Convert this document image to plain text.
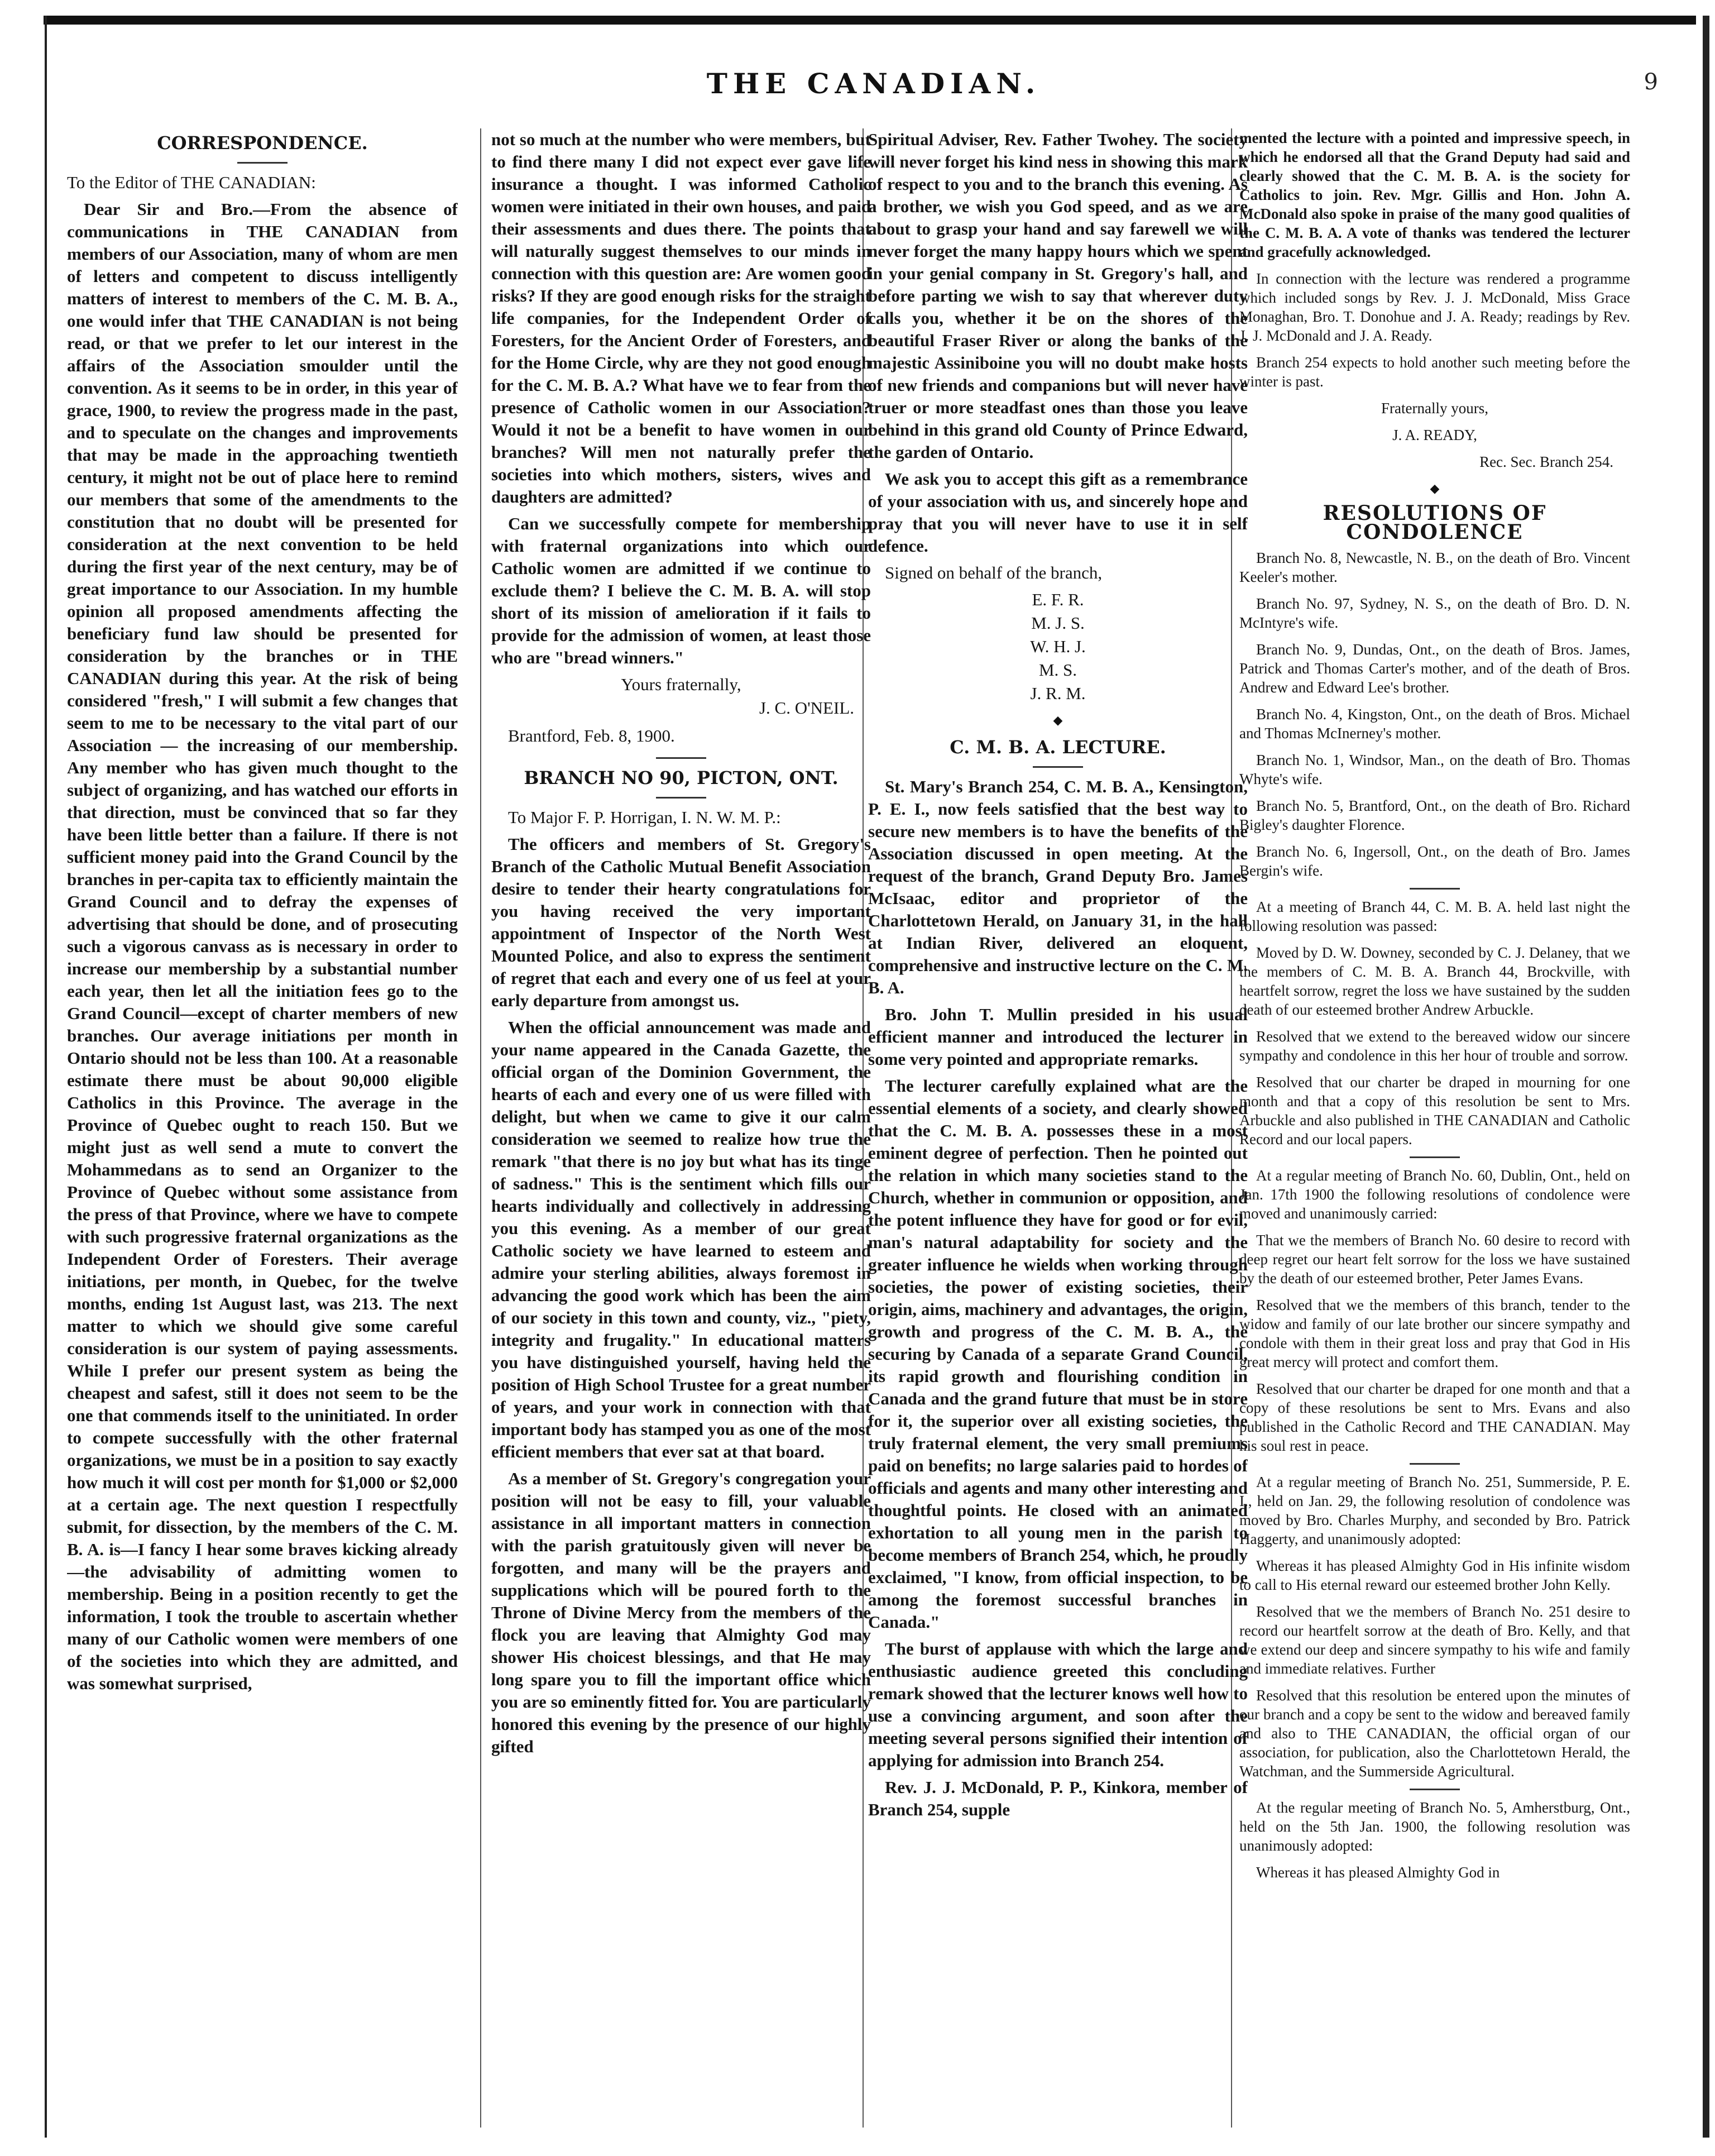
THE CANADIAN.	9
CORRESPONDENCE.

To the Editor of THE CANADIAN:

Dear Sir and Bro.—From the absence of communications in THE CANADIAN from members of our Association, many of whom are men of letters and competent to discuss intelligently matters of interest to members of the C. M. B. A., one would infer that THE CANADIAN is not being read, or that we prefer to let our interest in the affairs of the Association smoulder until the convention. As it seems to be in order, in this year of grace, 1900, to review the progress made in the past, and to speculate on the changes and improvements that may be made in the approaching twentieth century, it might not be out of place here to remind our members that some of the amendments to the constitution that no doubt will be presented for consideration at the next convention to be held during the first year of the next century, may be of great importance to our Association. In my humble opinion all proposed amendments affecting the beneficiary fund law should be presented for consideration by the branches or in THE CANADIAN during this year. At the risk of being considered "fresh," I will submit a few changes that seem to me to be necessary to the vital part of our Association — the increasing of our membership. Any member who has given much thought to the subject of organizing, and has watched our efforts in that direction, must be convinced that so far they have been little better than a failure. If there is not sufficient money paid into the Grand Council by the branches in per-capita tax to efficiently maintain the Grand Council and to defray the expenses of advertising that should be done, and of prosecuting such a vigorous canvass as is necessary in order to increase our membership by a substantial number each year, then let all the initiation fees go to the Grand Council—except of charter members of new branches. Our average initiations per month in Ontario should not be less than 100. At a reasonable estimate there must be about 90,000 eligible Catholics in this Province. The average in the Province of Quebec ought to reach 150. But we might just as well send a mute to convert the Mohammedans as to send an Organizer to the Province of Quebec without some assistance from the press of that Province, where we have to compete with such progressive fraternal organizations as the Independent Order of Foresters. Their average initiations, per month, in Quebec, for the twelve months, ending 1st August last, was 213. The next matter to which we should give some careful consideration is our system of paying assessments. While I prefer our present system as being the cheapest and safest, still it does not seem to be the one that commends itself to the uninitiated. In order to compete successfully with the other fraternal organizations, we must be in a position to say exactly how much it will cost per month for $1,000 or $2,000 at a certain age. The next question I respectfully submit, for dissection, by the members of the C. M. B. A. is—I fancy I hear some braves kicking already—the advisability of admitting women to membership. Being in a position recently to get the information, I took the trouble to ascertain whether many of our Catholic women were members of one of the societies into which they are admitted, and was somewhat surprised,

not so much at the number who were members, but to find there many I did not expect ever gave life insurance a thought. I was informed Catholic women were initiated in their own houses, and paid their assessments and dues there. The points that will naturally suggest themselves to our minds in connection with this question are: Are women good risks? If they are good enough risks for the straight life companies, for the Independent Order of Foresters, for the Ancient Order of Foresters, and for the Home Circle, why are they not good enough for the C. M. B. A.? What have we to fear from the presence of Catholic women in our Association? Would it not be a benefit to have women in our branches? Will men not naturally prefer the societies into which mothers, sisters, wives and daughters are admitted?

Can we successfully compete for membership with fraternal organizations into which our Catholic women are admitted if we continue to exclude them? I believe the C. M. B. A. will stop short of its mission of amelioration if it fails to provide for the admission of women, at least those who are "bread winners."

Yours fraternally,

J. C. O'NEIL.

Brantford, Feb. 8, 1900.

BRANCH NO 90, PICTON, ONT.

To Major F. P. Horrigan, I. N. W. M. P.:

The officers and members of St. Gregory's Branch of the Catholic Mutual Benefit Association desire to tender their hearty congratulations for you having received the very important appointment of Inspector of the North West Mounted Police, and also to express the sentiment of regret that each and every one of us feel at your early departure from amongst us.

When the official announcement was made and your name appeared in the Canada Gazette, the official organ of the Dominion Government, the hearts of each and every one of us were filled with delight, but when we came to give it our calm consideration we seemed to realize how true the remark "that there is no joy but what has its tinge of sadness." This is the sentiment which fills our hearts individually and collectively in addressing you this evening. As a member of our great Catholic society we have learned to esteem and admire your sterling abilities, always foremost in advancing the good work which has been the aim of our society in this town and county, viz., "piety, integrity and frugality." In educational matters you have distinguished yourself, having held the position of High School Trustee for a great number of years, and your work in connection with that important body has stamped you as one of the most efficient members that ever sat at that board.

As a member of St. Gregory's congregation your position will not be easy to fill, your valuable assistance in all important matters in connection with the parish gratuitously given will never be forgotten, and many will be the prayers and supplications which will be poured forth to the Throne of Divine Mercy from the members of the flock you are leaving that Almighty God may shower His choicest blessings, and that He may long spare you to fill the important office which you are so eminently fitted for. You are particularly honored this evening by the presence of our highly gifted

Spiritual Adviser, Rev. Father Twohey. The society will never forget his kind ness in showing this mark of respect to you and to the branch this evening. As a brother, we wish you God speed, and as we are about to grasp your hand and say farewell we will never forget the many happy hours which we spent in your genial company in St. Gregory's hall, and before parting we wish to say that wherever duty calls you, whether it be on the shores of the beautiful Fraser River or along the banks of the majestic Assiniboine you will no doubt make hosts of new friends and companions but will never have truer or more steadfast ones than those you leave behind in this grand old County of Prince Edward, the garden of Ontario.

We ask you to accept this gift as a remembrance of your association with us, and sincerely hope and pray that you will never have to use it in self defence.

Signed on behalf of the branch,

E. F. R.

M. J. S.

W. H. J.

M. S.

J. R. M.

◆
C. M. B. A. LECTURE.

St. Mary's Branch 254, C. M. B. A., Kensington, P. E. I., now feels satisfied that the best way to secure new members is to have the benefits of the Association discussed in open meeting. At the request of the branch, Grand Deputy Bro. James McIsaac, editor and proprietor of the Charlottetown Herald, on January 31, in the hall at Indian River, delivered an eloquent, comprehensive and instructive lecture on the C. M. B. A.

Bro. John T. Mullin presided in his usual efficient manner and introduced the lecturer in some very pointed and appropriate remarks.

The lecturer carefully explained what are the essential elements of a society, and clearly showed that the C. M. B. A. possesses these in a most eminent degree of perfection. Then he pointed out the relation in which many societies stand to the Church, whether in communion or opposition, and the potent influence they have for good or for evil, man's natural adaptability for society and the greater influence he wields when working through societies, the power of existing societies, their origin, aims, machinery and advantages, the origin, growth and progress of the C. M. B. A., the securing by Canada of a separate Grand Council, its rapid growth and flourishing condition in Canada and the grand future that must be in store for it, the superior over all existing societies, the truly fraternal element, the very small premiums paid on benefits; no large salaries paid to hordes of officials and agents and many other interesting and thoughtful points. He closed with an animated exhortation to all young men in the parish to become members of Branch 254, which, he proudly exclaimed, "I know, from official inspection, to be among the foremost successful branches in Canada."

The burst of applause with which the large and enthusiastic audience greeted this concluding remark showed that the lecturer knows well how to use a convincing argument, and soon after the meeting several persons signified their intention of applying for admission into Branch 254.

Rev. J. J. McDonald, P. P., Kinkora, member of Branch 254, supple

mented the lecture with a pointed and impressive speech, in which he endorsed all that the Grand Deputy had said and clearly showed that the C. M. B. A. is the society for Catholics to join. Rev. Mgr. Gillis and Hon. John A. McDonald also spoke in praise of the many good qualities of the C. M. B. A. A vote of thanks was tendered the lecturer and gracefully acknowledged.

In connection with the lecture was rendered a programme which included songs by Rev. J. J. McDonald, Miss Grace Monaghan, Bro. T. Donohue and J. A. Ready; readings by Rev. J. J. McDonald and J. A. Ready.

Branch 254 expects to hold another such meeting before the winter is past.

Fraternally yours,

J. A. READY,

Rec. Sec. Branch 254.

◆
RESOLUTIONS OF CONDOLENCE

Branch No. 8, Newcastle, N. B., on the death of Bro. Vincent Keeler's mother.

Branch No. 97, Sydney, N. S., on the death of Bro. D. N. McIntyre's wife.

Branch No. 9, Dundas, Ont., on the death of Bros. James, Patrick and Thomas Carter's mother, and of the death of Bros. Andrew and Edward Lee's brother.

Branch No. 4, Kingston, Ont., on the death of Bros. Michael and Thomas McInerney's mother.

Branch No. 1, Windsor, Man., on the death of Bro. Thomas Whyte's wife.

Branch No. 5, Brantford, Ont., on the death of Bro. Richard Bigley's daughter Florence.

Branch No. 6, Ingersoll, Ont., on the death of Bro. James Bergin's wife.

At a meeting of Branch 44, C. M. B. A. held last night the following resolution was passed:

Moved by D. W. Downey, seconded by C. J. Delaney, that we the members of C. M. B. A. Branch 44, Brockville, with heartfelt sorrow, regret the loss we have sustained by the sudden death of our esteemed brother Andrew Arbuckle.

Resolved that we extend to the bereaved widow our sincere sympathy and condolence in this her hour of trouble and sorrow.

Resolved that our charter be draped in mourning for one month and that a copy of this resolution be sent to Mrs. Arbuckle and also published in THE CANADIAN and Catholic Record and our local papers.

At a regular meeting of Branch No. 60, Dublin, Ont., held on Jan. 17th 1900 the following resolutions of condolence were moved and unanimously carried:

That we the members of Branch No. 60 desire to record with deep regret our heart felt sorrow for the loss we have sustained by the death of our esteemed brother, Peter James Evans.

Resolved that we the members of this branch, tender to the widow and family of our late brother our sincere sympathy and condole with them in their great loss and pray that God in His great mercy will protect and comfort them.

Resolved that our charter be draped for one month and that a copy of these resolutions be sent to Mrs. Evans and also published in the Catholic Record and THE CANADIAN. May his soul rest in peace.

At a regular meeting of Branch No. 251, Summerside, P. E. I., held on Jan. 29, the following resolution of condolence was moved by Bro. Charles Murphy, and seconded by Bro. Patrick Haggerty, and unanimously adopted:

Whereas it has pleased Almighty God in His infinite wisdom to call to His eternal reward our esteemed brother John Kelly.

Resolved that we the members of Branch No. 251 desire to record our heartfelt sorrow at the death of Bro. Kelly, and that we extend our deep and sincere sympathy to his wife and family and immediate relatives. Further

Resolved that this resolution be entered upon the minutes of our branch and a copy be sent to the widow and bereaved family and also to THE CANADIAN, the official organ of our association, for publication, also the Charlottetown Herald, the Watchman, and the Summerside Agricultural.

At the regular meeting of Branch No. 5, Amherstburg, Ont., held on the 5th Jan. 1900, the following resolution was unanimously adopted:

Whereas it has pleased Almighty God in
